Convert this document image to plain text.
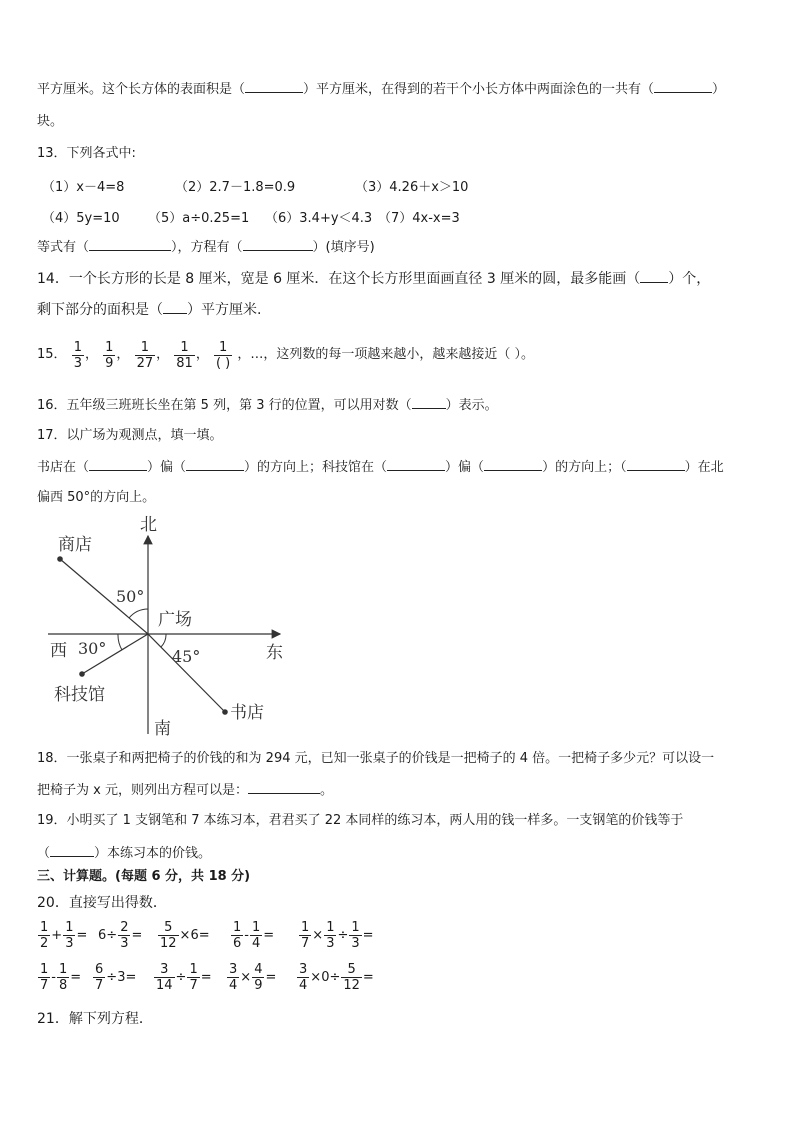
平方厘米。这个长方体的表面积是（	）平方厘米，在得到的若干个小长方体中两面涂色的一共有（	）
块。
13．下列各式中:
（1）x－4=8	（2）2.7－1.8=0.9	（3）4.26＋x＞10
（4）5y=10 （5）a÷0.25=1 （6）3.4+y＜4.3 （7）4x-x=3
等式有（	），方程有（	）(填序号)
14．一个长方形的长是 8 厘米，宽是 6 厘米．在这个长方形里面画直径 3 厘米的圆，最多能画（ ）个，
剩下部分的面积是（ ）平方厘米.
15． $\frac{1}{3}$ ， $\frac{1}{9}$ ， $\frac{1}{27}$ ， $\frac{1}{81}$ ， $\frac{1}{( )}$ ，…，这列数的每一项越来越小，越来越接近（ ）。
16．五年级三班班长坐在第 5 列，第 3 行的位置，可以用对数（	）表示。
17．以广场为观测点，填一填。
书店在（	）偏（	）的方向上；科技馆在（	）偏（	）的方向上；（	）在北
偏西 50°的方向上。
北
南
东
西
广场
商店
科技馆
书店
50°
30°	45°
18．一张桌子和两把椅子的价钱的和为 294 元，已知一张桌子的价钱是一把椅子的 4 倍。一把椅子多少元？可以设一
把椅子为 x 元，则列出方程可以是：	。
19．小明买了 1 支钢笔和 7 本练习本，君君买了 22 本同样的练习本，两人用的钱一样多。一支钢笔的价钱等于
（	）本练习本的价钱。
三、计算题。(每题 6 分，共 18 分)
20．直接写出得数．
$\frac{1}{2} + \frac{1}{3} = 6\div \frac{2}{3} = \frac{5}{12} \times 6= \frac{1}{6} - \frac{1}{4} = \frac{1}{7} \times \frac{1}{3} \div \frac{1}{3}$ =
$\frac{1}{7} - \frac{1}{8} = \frac{6}{7} \div 3= \frac{3}{14} \div \frac{1}{7} = \frac{3}{4} \times \frac{4}{9} = \frac{3}{4} \times 0\div \frac{5}{12}$ =
21．解下列方程．
